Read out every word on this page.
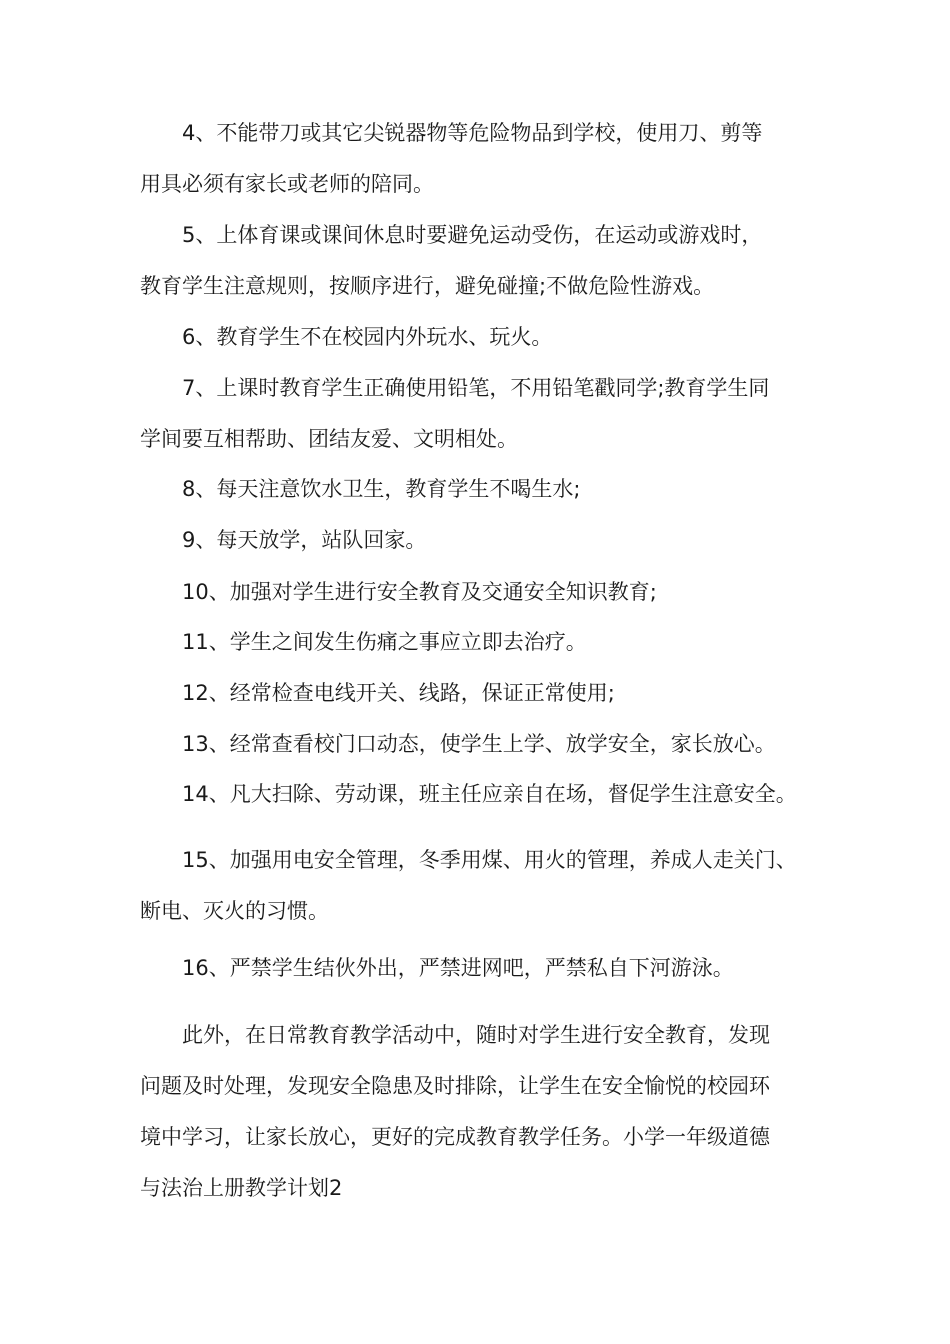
4、不能带刀或其它尖锐器物等危险物品到学校，使用刀、剪等
用具必须有家长或老师的陪同。
5、上体育课或课间休息时要避免运动受伤，在运动或游戏时，
教育学生注意规则，按顺序进行，避免碰撞;不做危险性游戏。
6、教育学生不在校园内外玩水、玩火。
7、上课时教育学生正确使用铅笔，不用铅笔戳同学;教育学生同
学间要互相帮助、团结友爱、文明相处。
8、每天注意饮水卫生，教育学生不喝生水;
9、每天放学，站队回家。
10、加强对学生进行安全教育及交通安全知识教育;
11、学生之间发生伤痛之事应立即去治疗。
12、经常检查电线开关、线路，保证正常使用;
13、经常查看校门口动态，使学生上学、放学安全，家长放心。
14、凡大扫除、劳动课，班主任应亲自在场，督促学生注意安全。
15、加强用电安全管理，冬季用煤、用火的管理，养成人走关门、
断电、灭火的习惯。
16、严禁学生结伙外出，严禁进网吧，严禁私自下河游泳。
此外，在日常教育教学活动中，随时对学生进行安全教育，发现
问题及时处理，发现安全隐患及时排除，让学生在安全愉悦的校园环
境中学习，让家长放心，更好的完成教育教学任务。小学一年级道德
与法治上册教学计划2
